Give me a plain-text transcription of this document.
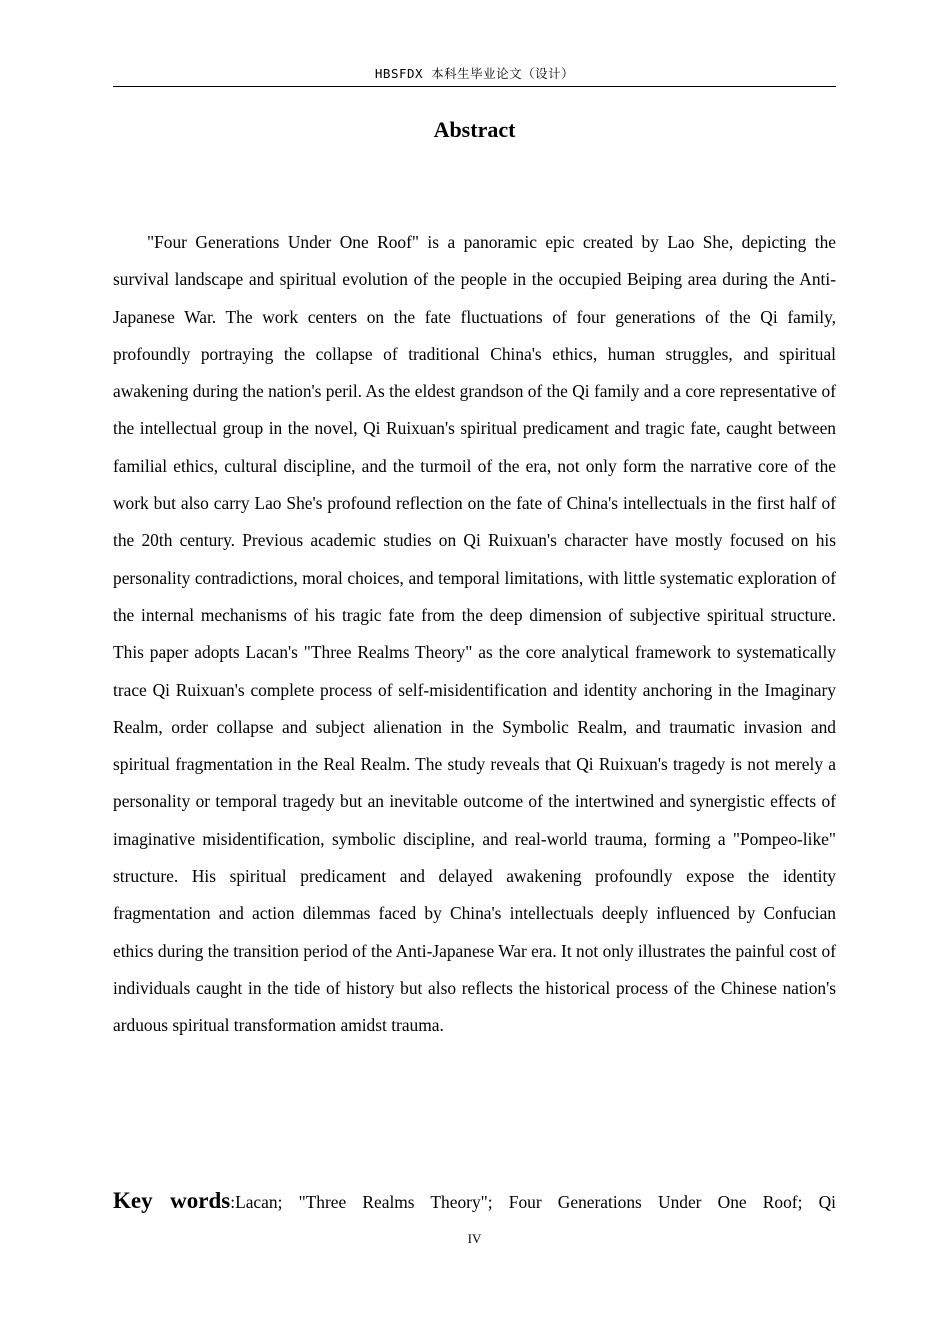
HBSFDX 本科生毕业论文（设计）
Abstract

"Four Generations Under One Roof" is a panoramic epic created by Lao She, depicting the survival landscape and spiritual evolution of the people in the occupied Beiping area during the Anti-Japanese War. The work centers on the fate fluctuations of four generations of the Qi family, profoundly portraying the collapse of traditional China's ethics, human struggles, and spiritual awakening during the nation's peril. As the eldest grandson of the Qi family and a core representative of the intellectual group in the novel, Qi Ruixuan's spiritual predicament and tragic fate, caught between familial ethics, cultural discipline, and the turmoil of the era, not only form the narrative core of the work but also carry Lao She's profound reflection on the fate of China's intellectuals in the first half of the 20th century. Previous academic studies on Qi Ruixuan's character have mostly focused on his personality contradictions, moral choices, and temporal limitations, with little systematic exploration of the internal mechanisms of his tragic fate from the deep dimension of subjective spiritual structure. This paper adopts Lacan's "Three Realms Theory" as the core analytical framework to systematically trace Qi Ruixuan's complete process of self-misidentification and identity anchoring in the Imaginary Realm, order collapse and subject alienation in the Symbolic Realm, and traumatic invasion and spiritual fragmentation in the Real Realm. The study reveals that Qi Ruixuan's tragedy is not merely a personality or temporal tragedy but an inevitable outcome of the intertwined and synergistic effects of imaginative misidentification, symbolic discipline, and real-world trauma, forming a "Pompeo-like" structure. His spiritual predicament and delayed awakening profoundly expose the identity fragmentation and action dilemmas faced by China's intellectuals deeply influenced by Confucian ethics during the transition period of the Anti-Japanese War era. It not only illustrates the painful cost of individuals caught in the tide of history but also reflects the historical process of the Chinese nation's arduous spiritual transformation amidst trauma.

Key words:Lacan; "Three Realms Theory"; Four Generations Under One Roof; Qi

IV
